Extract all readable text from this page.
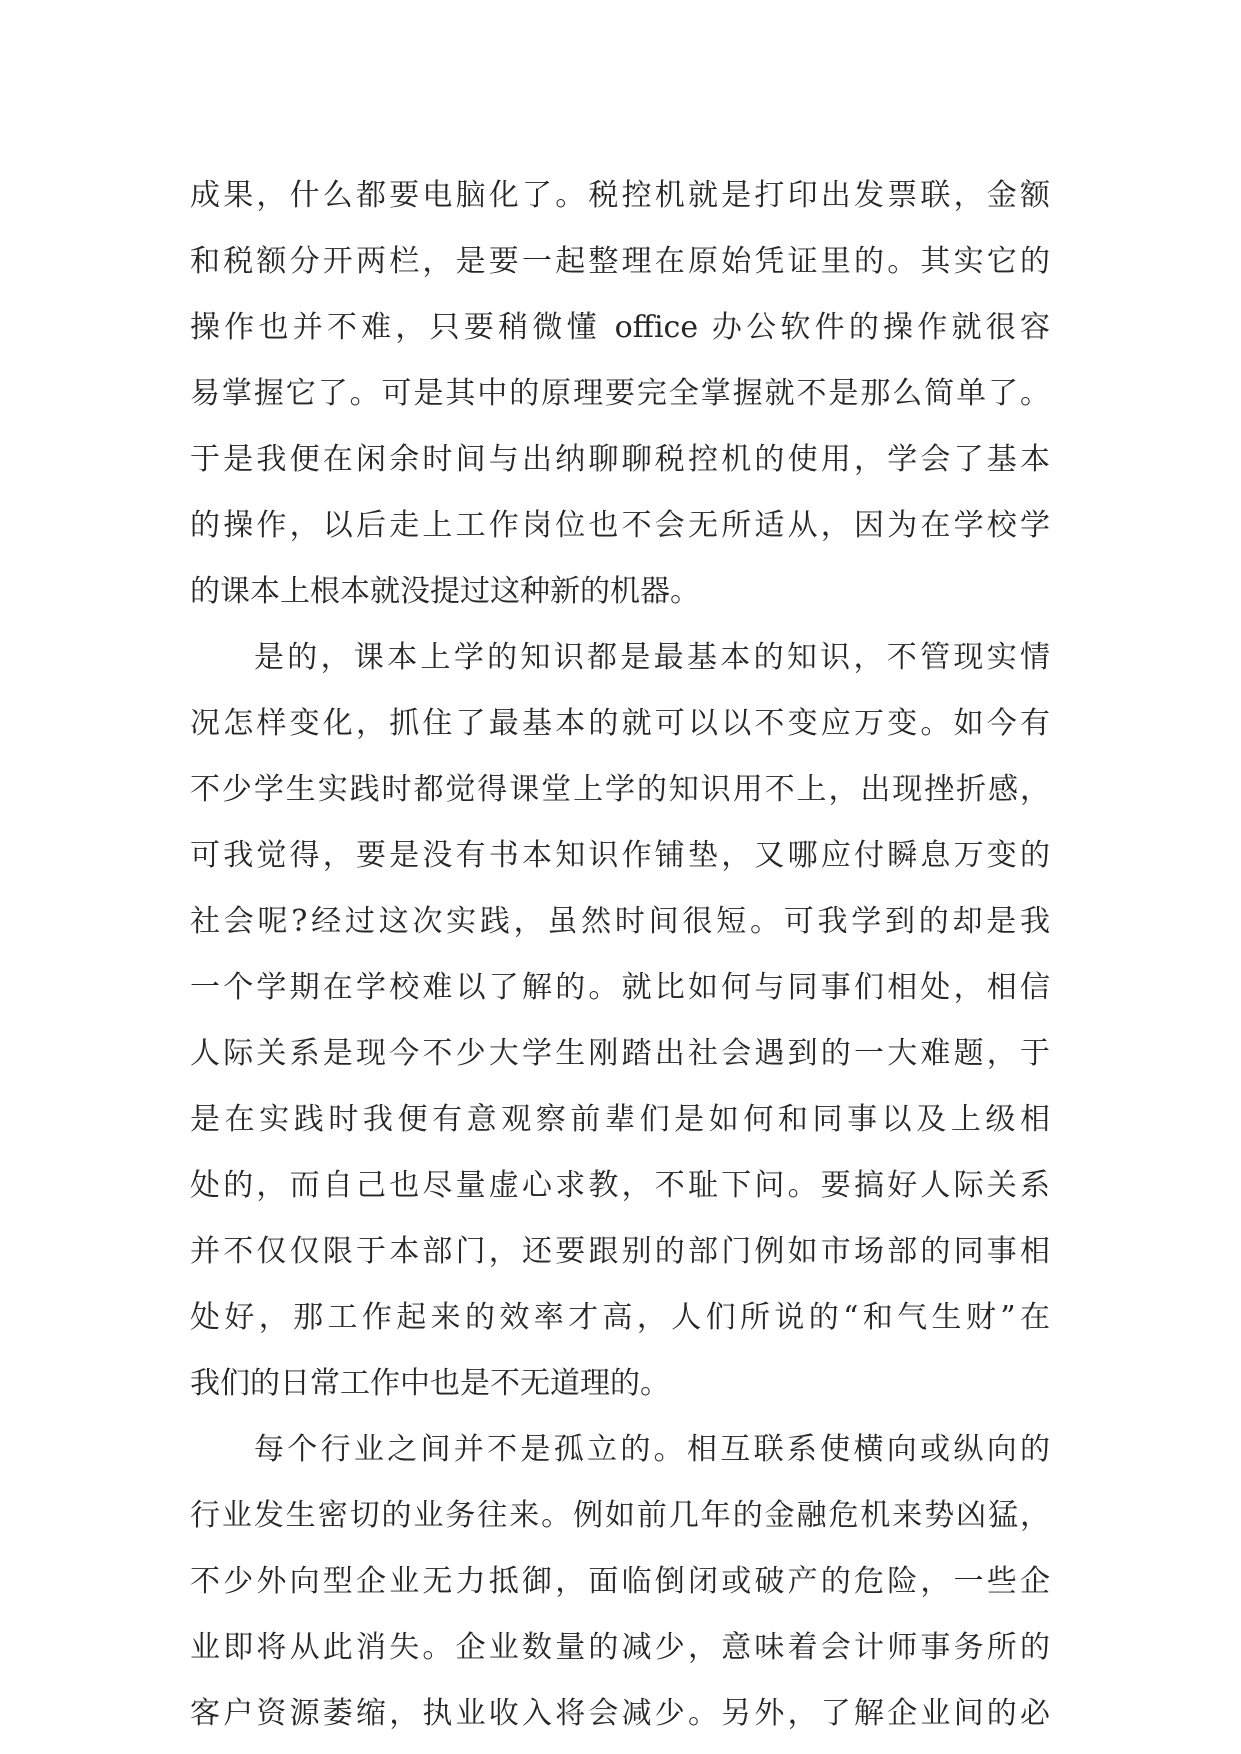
成果，什么都要电脑化了。税控机就是打印出发票联，金额
和税额分开两栏，是要一起整理在原始凭证里的。其实它的
操作也并不难，只要稍微懂 office 办公软件的操作就很容
易掌握它了。可是其中的原理要完全掌握就不是那么简单了。
于是我便在闲余时间与出纳聊聊税控机的使用，学会了基本
的操作，以后走上工作岗位也不会无所适从，因为在学校学
的课本上根本就没提过这种新的机器。

是的，课本上学的知识都是最基本的知识，不管现实情
况怎样变化，抓住了最基本的就可以以不变应万变。如今有
不少学生实践时都觉得课堂上学的知识用不上，出现挫折感，
可我觉得，要是没有书本知识作铺垫，又哪应付瞬息万变的
社会呢?经过这次实践，虽然时间很短。可我学到的却是我
一个学期在学校难以了解的。就比如何与同事们相处，相信
人际关系是现今不少大学生刚踏出社会遇到的一大难题，于
是在实践时我便有意观察前辈们是如何和同事以及上级相
处的，而自己也尽量虚心求教，不耻下问。要搞好人际关系
并不仅仅限于本部门，还要跟别的部门例如市场部的同事相
处好，那工作起来的效率才高，人们所说的“和气生财”在
我们的日常工作中也是不无道理的。

每个行业之间并不是孤立的。相互联系使横向或纵向的
行业发生密切的业务往来。例如前几年的金融危机来势凶猛，
不少外向型企业无力抵御，面临倒闭或破产的危险，一些企
业即将从此消失。企业数量的减少，意味着会计师事务所的
客户资源萎缩，执业收入将会减少。另外，了解企业间的必
